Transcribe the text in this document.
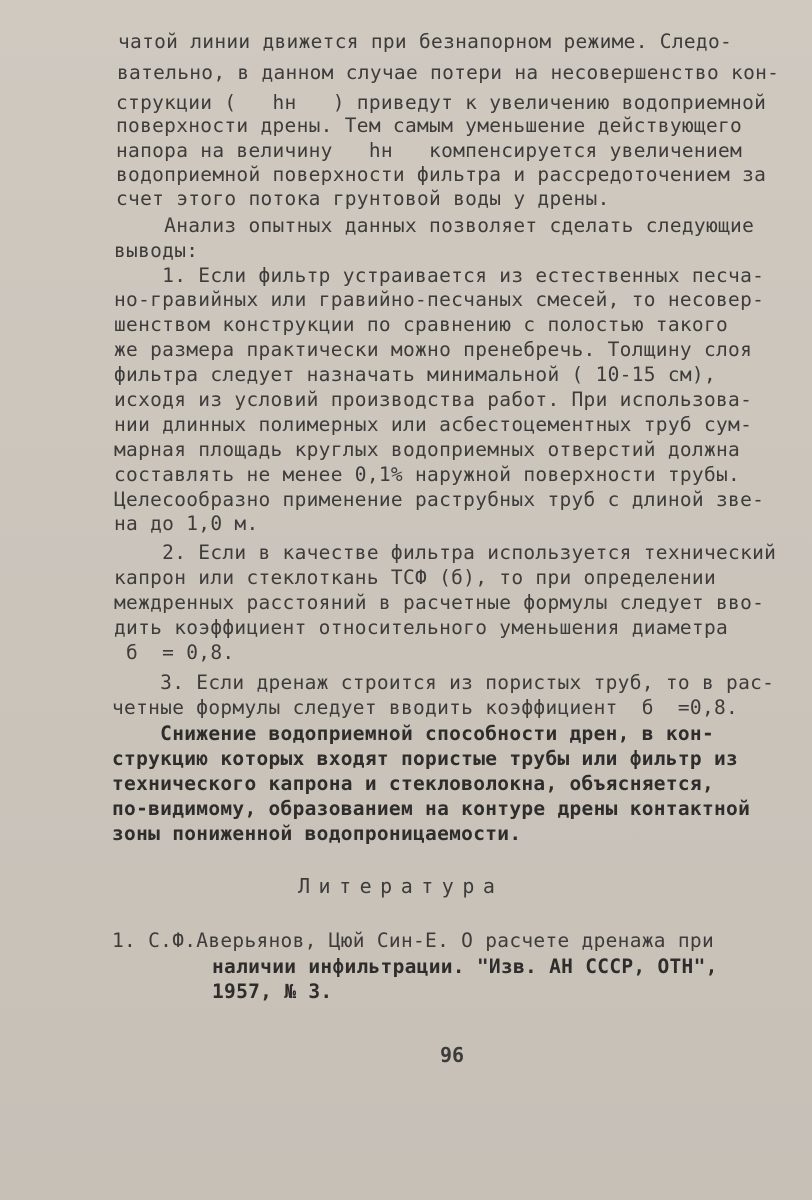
чатой линии движется при безнапорном режиме. Следо-
вательно, в данном случае потери на несовершенство кон-
струкции (   hн   ) приведут к увеличению водоприемной
поверхности дрены. Тем самым уменьшение действующего
напора на величину   hн   компенсируется увеличением
водоприемной поверхности фильтра и рассредоточением за
счет этого потока грунтовой воды у дрены.
Анализ опытных данных позволяет сделать следующие
выводы:
1. Если фильтр устраивается из естественных песча-
но-гравийных или гравийно-песчаных смесей, то несовер-
шенством конструкции по сравнению с полостью такого
же размера практически можно пренебречь. Толщину слоя
фильтра следует назначать минимальной ( 10-15 см),
исходя из условий производства работ. При использова-
нии длинных полимерных или асбестоцементных труб сум-
марная площадь круглых водоприемных отверстий должна
составлять не менее 0,1% наружной поверхности трубы.
Целесообразно применение раструбных труб с длиной зве-
на до 1,0 м.
2. Если в качестве фильтра используется технический
капрон или стеклоткань ТСФ (б), то при определении
междренных расстояний в расчетные формулы следует вво-
дить коэффициент относительного уменьшения диаметра
б  = 0,8.
3. Если дренаж строится из пористых труб, то в рас-
четные формулы следует вводить коэффициент  б  =0,8.
Снижение водоприемной способности дрен, в кон-
струкцию которых входят пористые трубы или фильтр из
технического капрона и стекловолокна, объясняется,
по-видимому, образованием на контуре дрены контактной
зоны пониженной водопроницаемости.
Литература
1. С.Ф.Аверьянов, Цюй Син-Е. О расчете дренажа при
наличии инфильтрации. "Изв. АН СССР, ОТН",
1957, № 3.
96
